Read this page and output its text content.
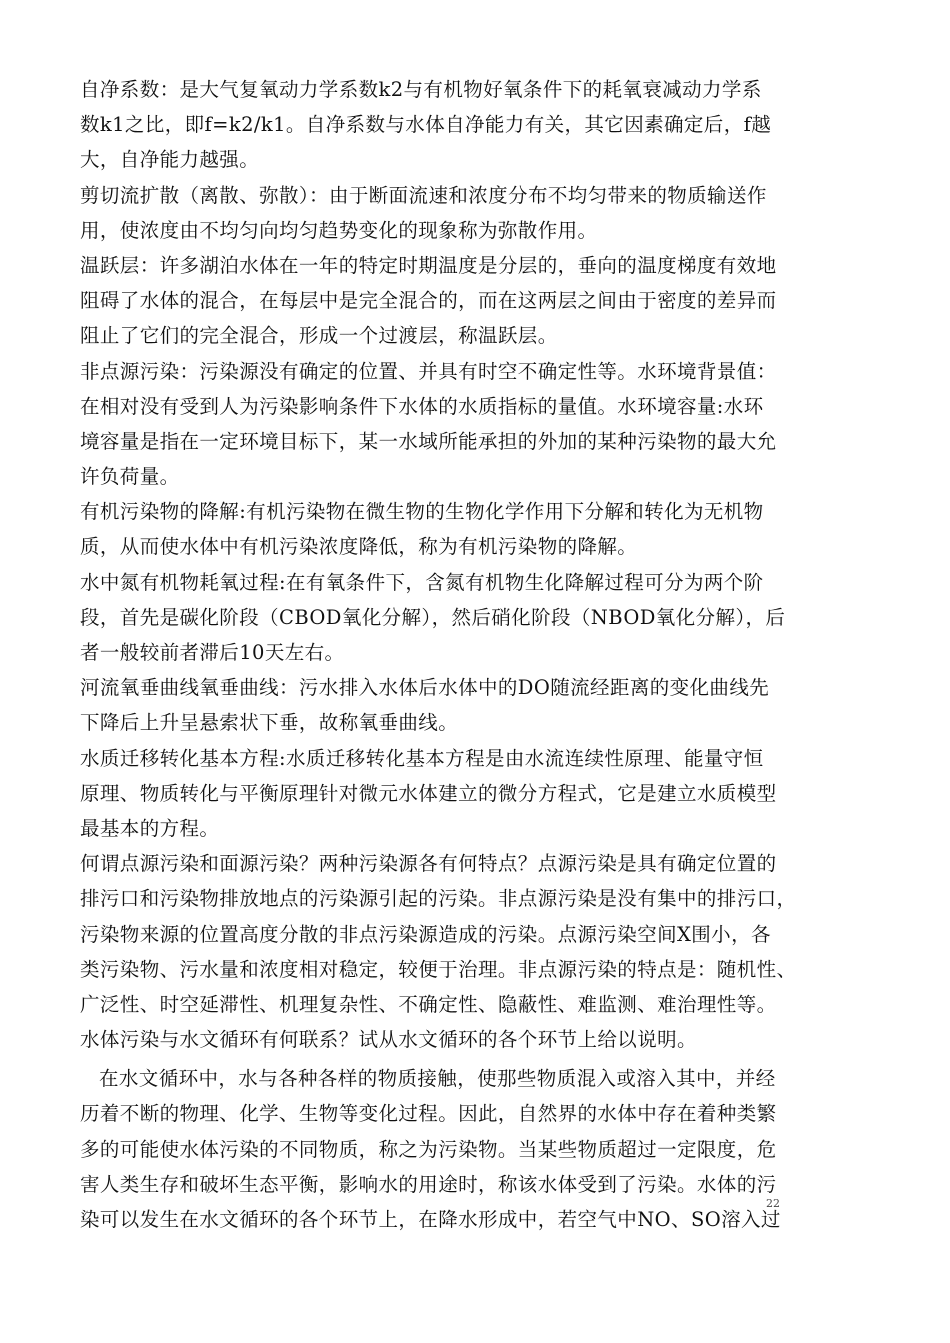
自净系数：是大气复氧动力学系数k2与有机物好氧条件下的耗氧衰减动力学系
数k1之比，即f=k2/k1。自净系数与水体自净能力有关，其它因素确定后，f越
大，自净能力越强。
剪切流扩散（离散、弥散）：由于断面流速和浓度分布不均匀带来的物质输送作
用，使浓度由不均匀向均匀趋势变化的现象称为弥散作用。
温跃层：许多湖泊水体在一年的特定时期温度是分层的，垂向的温度梯度有效地
阻碍了水体的混合，在每层中是完全混合的，而在这两层之间由于密度的差异而
阻止了它们的完全混合，形成一个过渡层，称温跃层。
非点源污染：污染源没有确定的位置、并具有时空不确定性等。水环境背景值：
在相对没有受到人为污染影响条件下水体的水质指标的量值。水环境容量:水环
境容量是指在一定环境目标下，某一水域所能承担的外加的某种污染物的最大允
许负荷量。
有机污染物的降解:有机污染物在微生物的生物化学作用下分解和转化为无机物
质，从而使水体中有机污染浓度降低，称为有机污染物的降解。
水中氮有机物耗氧过程:在有氧条件下，含氮有机物生化降解过程可分为两个阶
段，首先是碳化阶段（CBOD氧化分解），然后硝化阶段（NBOD氧化分解），后
者一般较前者滞后10天左右。
河流氧垂曲线氧垂曲线：污水排入水体后水体中的DO随流经距离的变化曲线先
下降后上升呈悬索状下垂，故称氧垂曲线。
水质迁移转化基本方程:水质迁移转化基本方程是由水流连续性原理、能量守恒
原理、物质转化与平衡原理针对微元水体建立的微分方程式，它是建立水质模型
最基本的方程。
何谓点源污染和面源污染？两种污染源各有何特点？点源污染是具有确定位置的
排污口和污染物排放地点的污染源引起的污染。非点源污染是没有集中的排污口，
污染物来源的位置高度分散的非点污染源造成的污染。点源污染空间X围小，各
类污染物、污水量和浓度相对稳定，较便于治理。非点源污染的特点是：随机性、
广泛性、时空延滞性、机理复杂性、不确定性、隐蔽性、难监测、难治理性等。
水体污染与水文循环有何联系？试从水文循环的各个环节上给以说明。
在水文循环中，水与各种各样的物质接触，使那些物质混入或溶入其中，并经
历着不断的物理、化学、生物等变化过程。因此，自然界的水体中存在着种类繁
多的可能使水体污染的不同物质，称之为污染物。当某些物质超过一定限度，危
害人类生存和破坏生态平衡，影响水的用途时，称该水体受到了污染。水体的污
染可以发生在水文循环的各个环节上，在降水形成中，若空气中NO、SO溶入过
22
